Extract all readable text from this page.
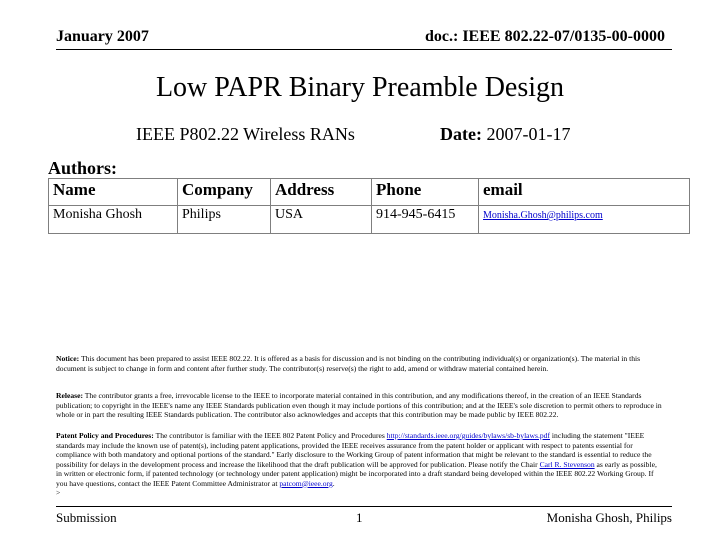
January 2007	doc.: IEEE 802.22-07/0135-00-0000
Low PAPR Binary Preamble Design
IEEE P802.22 Wireless RANs	Date: 2007-01-17
Authors:
Name	Company	Address	Phone	email
Monisha Ghosh	Philips	USA	914-945-6415	Monisha.Ghosh@philips.com
Notice: This document has been prepared to assist IEEE 802.22. It is offered as a basis for discussion and is not binding on the contributing individual(s) or organization(s). The material in this document is subject to change in form and content after further study. The contributor(s) reserve(s) the right to add, amend or withdraw material contained herein.
Release: The contributor grants a free, irrevocable license to the IEEE to incorporate material contained in this contribution, and any modifications thereof, in the creation of an IEEE Standards publication; to copyright in the IEEE's name any IEEE Standards publication even though it may include portions of this contribution; and at the IEEE's sole discretion to permit others to reproduce in whole or in part the resulting IEEE Standards publication. The contributor also acknowledges and accepts that this contribution may be made public by IEEE 802.22.
Patent Policy and Procedures: The contributor is familiar with the IEEE 802 Patent Policy and Procedures http://standards.ieee.org/guides/bylaws/sb-bylaws.pdf including the statement "IEEE standards may include the known use of patent(s), including patent applications, provided the IEEE receives assurance from the patent holder or applicant with respect to patents essential for compliance with both mandatory and optional portions of the standard." Early disclosure to the Working Group of patent information that might be relevant to the standard is essential to reduce the possibility for delays in the development process and increase the likelihood that the draft publication will be approved for publication. Please notify the Chair Carl R. Stevenson as early as possible, in written or electronic form, if patented technology (or technology under patent application) might be incorporated into a draft standard being developed within the IEEE 802.22 Working Group. If you have questions, contact the IEEE Patent Committee Administrator at patcom@ieee.org.
>
Submission	1	Monisha Ghosh, Philips
